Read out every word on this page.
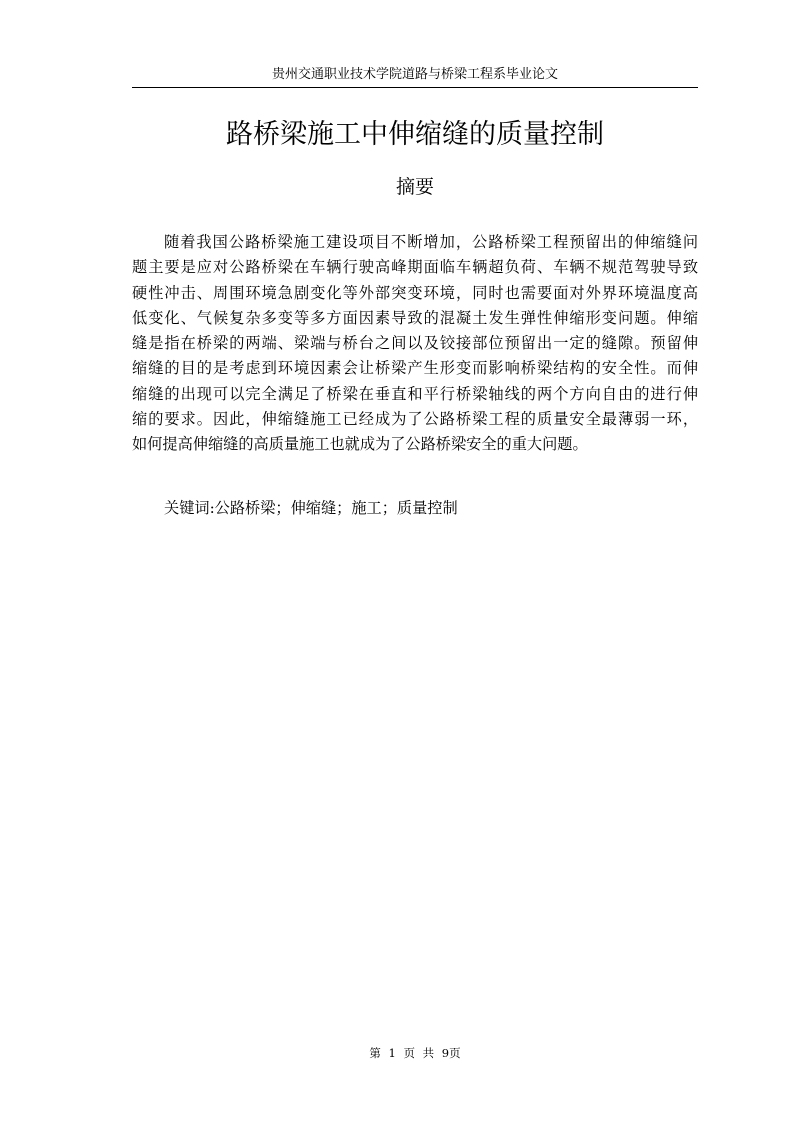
贵州交通职业技术学院道路与桥梁工程系毕业论文
路桥梁施工中伸缩缝的质量控制
摘要
随着我国公路桥梁施工建设项目不断增加，公路桥梁工程预留出的伸缩缝问
题主要是应对公路桥梁在车辆行驶高峰期面临车辆超负荷、车辆不规范驾驶导致
硬性冲击、周围环境急剧变化等外部突变环境，同时也需要面对外界环境温度高
低变化、气候复杂多变等多方面因素导致的混凝土发生弹性伸缩形变问题。伸缩
缝是指在桥梁的两端、梁端与桥台之间以及铰接部位预留出一定的缝隙。预留伸
缩缝的目的是考虑到环境因素会让桥梁产生形变而影响桥梁结构的安全性。而伸
缩缝的出现可以完全满足了桥梁在垂直和平行桥梁轴线的两个方向自由的进行伸
缩的要求。因此，伸缩缝施工已经成为了公路桥梁工程的质量安全最薄弱一环，
如何提高伸缩缝的高质量施工也就成为了公路桥梁安全的重大问题。

关键词:公路桥梁；伸缩缝；施工；质量控制

第 1 页 共 9页
